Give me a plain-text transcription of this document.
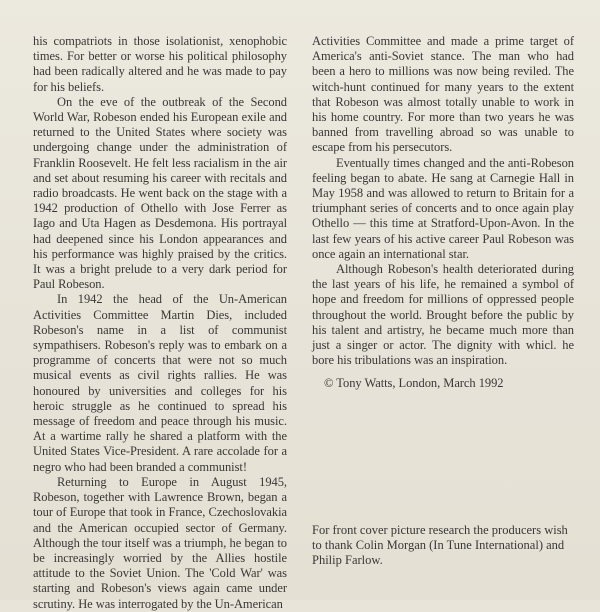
his compatriots in those isolationist, xenophobic times. For better or worse his political philosophy had been radically altered and he was made to pay for his beliefs.

On the eve of the outbreak of the Second World War, Robeson ended his European exile and returned to the United States where society was undergoing change under the administration of Franklin Roosevelt. He felt less racialism in the air and set about resuming his career with recitals and radio broadcasts. He went back on the stage with a 1942 production of Othello with Jose Ferrer as Iago and Uta Hagen as Desdemona. His portrayal had deepened since his London appearances and his performance was highly praised by the critics. It was a bright prelude to a very dark period for Paul Robeson.

In 1942 the head of the Un-American Activities Committee Martin Dies, included Robeson's name in a list of communist sympathisers. Robeson's reply was to embark on a programme of concerts that were not so much musical events as civil rights rallies. He was honoured by universities and colleges for his heroic struggle as he continued to spread his message of freedom and peace through his music. At a wartime rally he shared a platform with the United States Vice-President. A rare accolade for a negro who had been branded a communist!

Returning to Europe in August 1945, Robeson, together with Lawrence Brown, began a tour of Europe that took in France, Czechoslovakia and the American occupied sector of Germany. Although the tour itself was a triumph, he began to be increasingly worried by the Allies hostile attitude to the Soviet Union. The 'Cold War' was starting and Robeson's views again came under scrutiny. He was interrogated by the Un-American

Activities Committee and made a prime target of America's anti-Soviet stance. The man who had been a hero to millions was now being reviled. The witch-hunt continued for many years to the extent that Robeson was almost totally unable to work in his home country. For more than two years he was banned from travelling abroad so was unable to escape from his persecutors.

Eventually times changed and the anti-Robeson feeling began to abate. He sang at Carnegie Hall in May 1958 and was allowed to return to Britain for a triumphant series of concerts and to once again play Othello — this time at Stratford-Upon-Avon. In the last few years of his active career Paul Robeson was once again an international star.

Although Robeson's health deteriorated during the last years of his life, he remained a symbol of hope and freedom for millions of oppressed people throughout the world. Brought before the public by his talent and artistry, he became much more than just a singer or actor. The dignity with whicl. he bore his tribulations was an inspiration.

© Tony Watts, London, March 1992

For front cover picture research the producers wish to thank Colin Morgan (In Tune International) and Philip Farlow.
